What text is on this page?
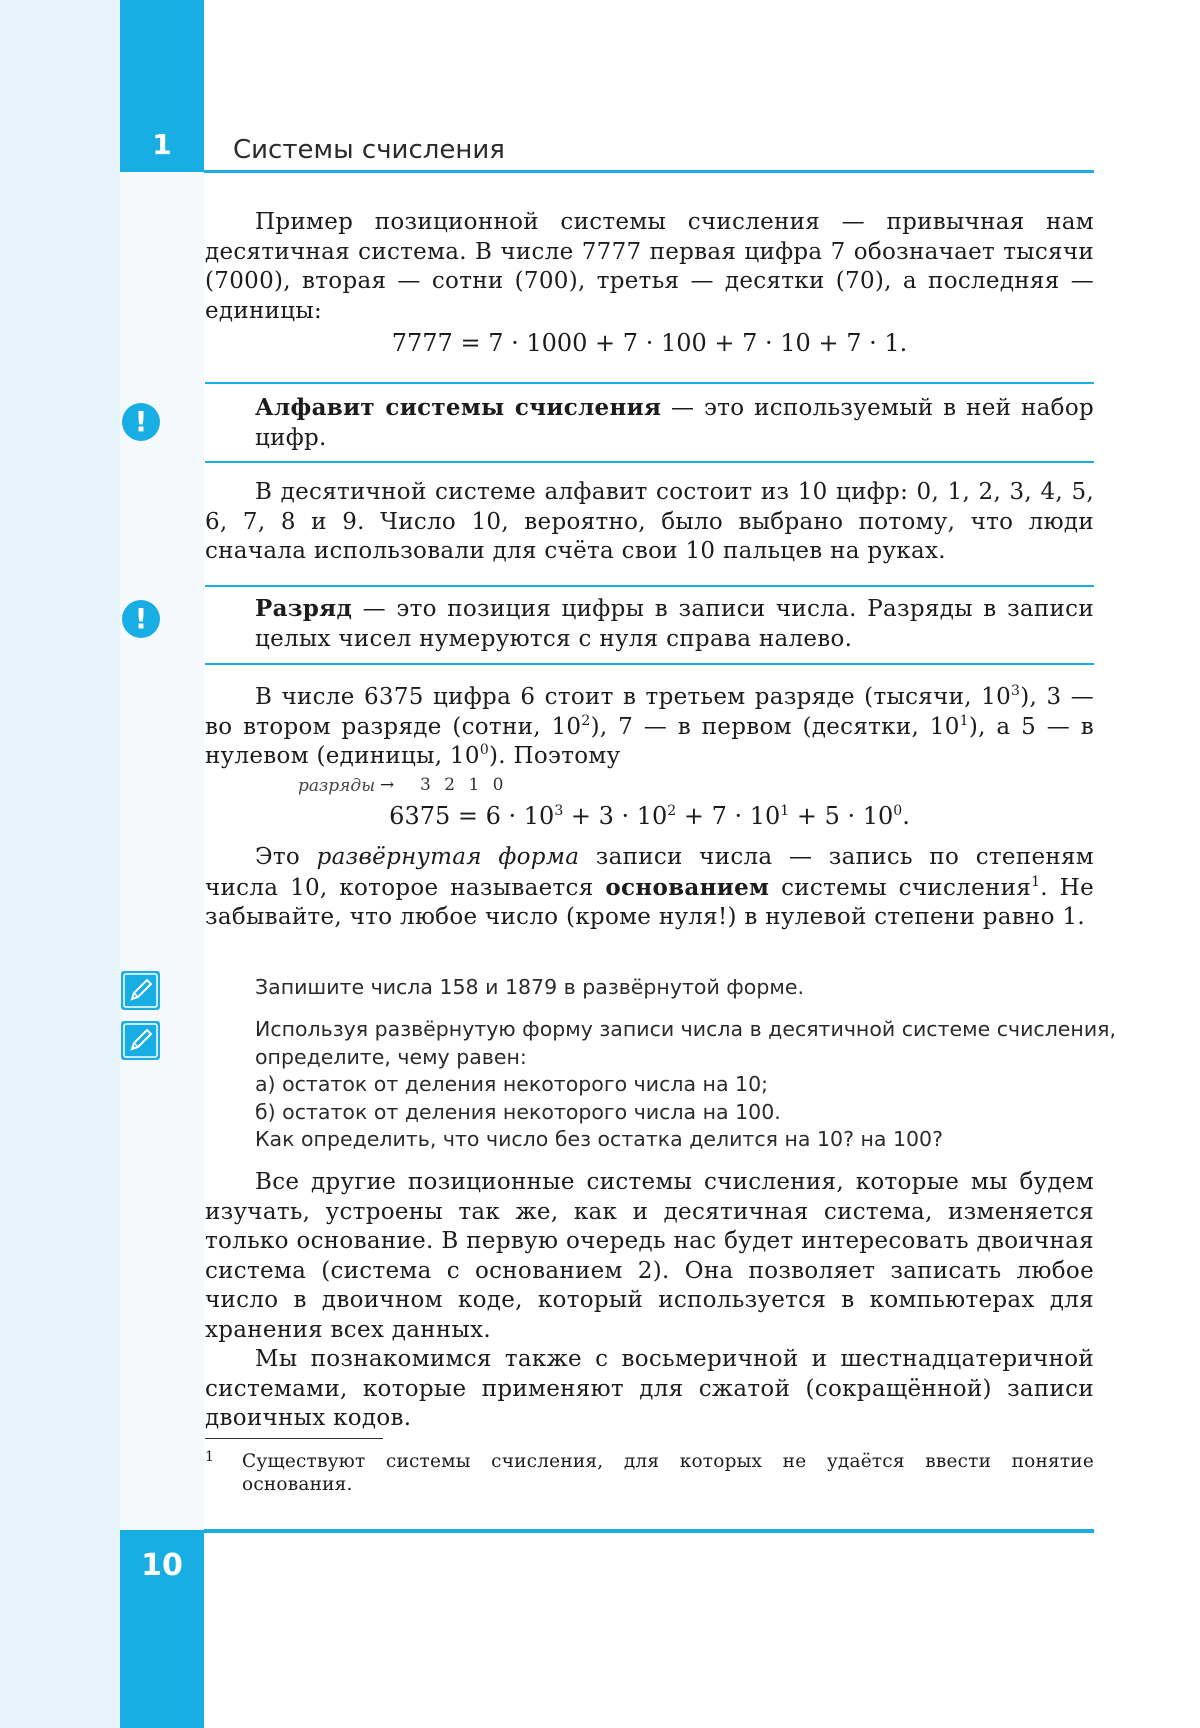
1	Системы счисления

Пример позиционной системы счисления — привычная нам десятичная система. В числе 7777 первая цифра 7 обозначает тысячи (7000), вторая — сотни (700), третья — десятки (70), а последняя — единицы:

7777 = 7 · 1000 + 7 · 100 + 7 · 10 + 7 · 1.

!	Алфавит системы счисления — это используемый в ней набор цифр.

В десятичной системе алфавит состоит из 10 цифр: 0, 1, 2, 3, 4, 5, 6, 7, 8 и 9. Число 10, вероятно, было выбрано потому, что люди сначала использовали для счёта свои 10 пальцев на руках.

!	Разряд — это позиция цифры в записи числа. Разряды в записи целых чисел нумеруются с нуля справа налево.

В числе 6375 цифра 6 стоит в третьем разряде (тысячи, $10^3$), 3 — во втором разряде (сотни, $10^2$), 7 — в первом (десятки, $10^1$), а 5 — в нулевом (единицы, $10^0$). Поэтому

разряды → 3 2 1 0

$6375 = 6 \cdot 10^3 + 3 \cdot 10^2 + 7 \cdot 10^1 + 5 \cdot 10^0$.

Это развёрнутая форма записи числа — запись по степеням числа 10, которое называется основанием системы счисления$^1$. Не забывайте, что любое число (кроме нуля!) в нулевой степени равно 1.

Запишите числа 158 и 1879 в развёрнутой форме.
Используя развёрнутую форму записи числа в десятичной системе счисления, определите, чему равен:
а) остаток от деления некоторого числа на 10;
б) остаток от деления некоторого числа на 100.
Как определить, что число без остатка делится на 10? на 100?

Все другие позиционные системы счисления, которые мы будем изучать, устроены так же, как и десятичная система, изменяется только основание. В первую очередь нас будет интересовать двоичная система (система с основанием 2). Она позволяет записать любое число в двоичном коде, который используется в компьютерах для хранения всех данных.

Мы познакомимся также с восьмеричной и шестнадцатеричной системами, которые применяют для сжатой (сокращённой) записи двоичных кодов.

1	Существуют системы счисления, для которых не удаётся ввести понятие основания.
10
